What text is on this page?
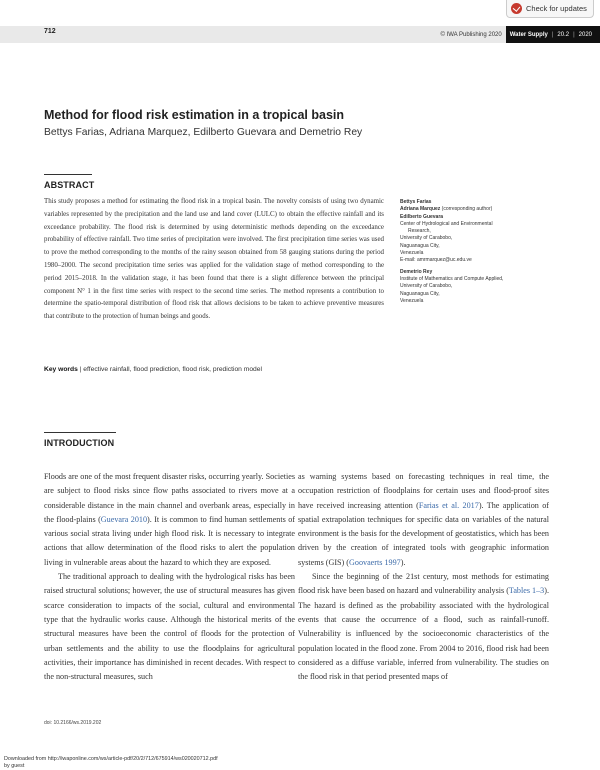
712	© IWA Publishing 2020	Water Supply | 20.2 | 2020
Check for updates
Method for flood risk estimation in a tropical basin
Bettys Farias, Adriana Marquez, Edilberto Guevara and Demetrio Rey
ABSTRACT
This study proposes a method for estimating the flood risk in a tropical basin. The novelty consists of using two dynamic variables represented by the precipitation and the land use and land cover (LULC) to obtain the effective rainfall and its exceedance probability. The flood risk is determined by using deterministic methods depending on the exceedance probability of effective rainfall. Two time series of precipitation were involved. The first precipitation time series was used to prove the method corresponding to the months of the rainy season obtained from 58 gauging stations during the period 1980–2000. The second precipitation time series was applied for the validation stage of method corresponding to the period 2015–2018. In the validation stage, it has been found that there is a slight difference between the principal component N° 1 in the first time series with respect to the second time series. The method represents a contribution to determine the spatio-temporal distribution of flood risk that allows decisions to be taken to achieve preventive measures that contribute to the protection of human beings and goods.
Key words | effective rainfall, flood prediction, flood risk, prediction model
Bettys Farias
Adriana Marquez (corresponding author)
Edilberto Guevara
Center of Hydrological and Environmental
Research,
University of Carabobo,
Naguanagua City,
Venezuela
E-mail: amrmarquez@uc.edu.ve
Demetrio Rey
Institute of Mathematics and Compute Applied,
University of Carabobo,
Naguanagua City,
Venezuela
INTRODUCTION

Floods are one of the most frequent disaster risks, occurring yearly. Societies are subject to flood risks since flow paths associated to rivers move at a considerable distance in the main channel and overbank areas, especially in the flood-plains (Guevara 2010). It is common to find human settlements of various social strata living under high flood risk. It is necessary to integrate actions that allow determination of the flood risks to alert the population living in vulnerable areas about the hazard to which they are exposed.

The traditional approach to dealing with the hydrological risks has been raised structural solutions; however, the use of structural measures has given scarce consideration to impacts of the social, cultural and environmental type that the hydraulic works cause. Although the historical merits of the structural measures have been the control of floods for the protection of urban settlements and the ability to use the floodplains for agricultural activities, their importance has diminished in recent decades. With respect to the non-structural measures, such

as warning systems based on forecasting techniques in real time, the occupation restriction of floodplains for certain uses and flood-proof sites have received increasing attention (Farias et al. 2017). The application of spatial extrapolation techniques for specific data on variables of the natural environment is the basis for the development of geostatistics, which has been driven by the creation of integrated tools with geographic information systems (GIS) (Goovaerts 1997).

Since the beginning of the 21st century, most methods for estimating flood risk have been based on hazard and vulnerability analysis (Tables 1–3). The hazard is defined as the probability associated with the hydrological events that cause the occurrence of a flood, such as rainfall-runoff. Vulnerability is influenced by the socioeconomic characteristics of the population located in the flood zone. From 2004 to 2016, flood risk had been considered as a diffuse variable, inferred from vulnerability. The studies on the flood risk in that period presented maps of

doi: 10.2166/ws.2019.202
Downloaded from http://iwaponline.com/ws/article-pdf/20/2/712/675914/ws020020712.pdf
by guest
